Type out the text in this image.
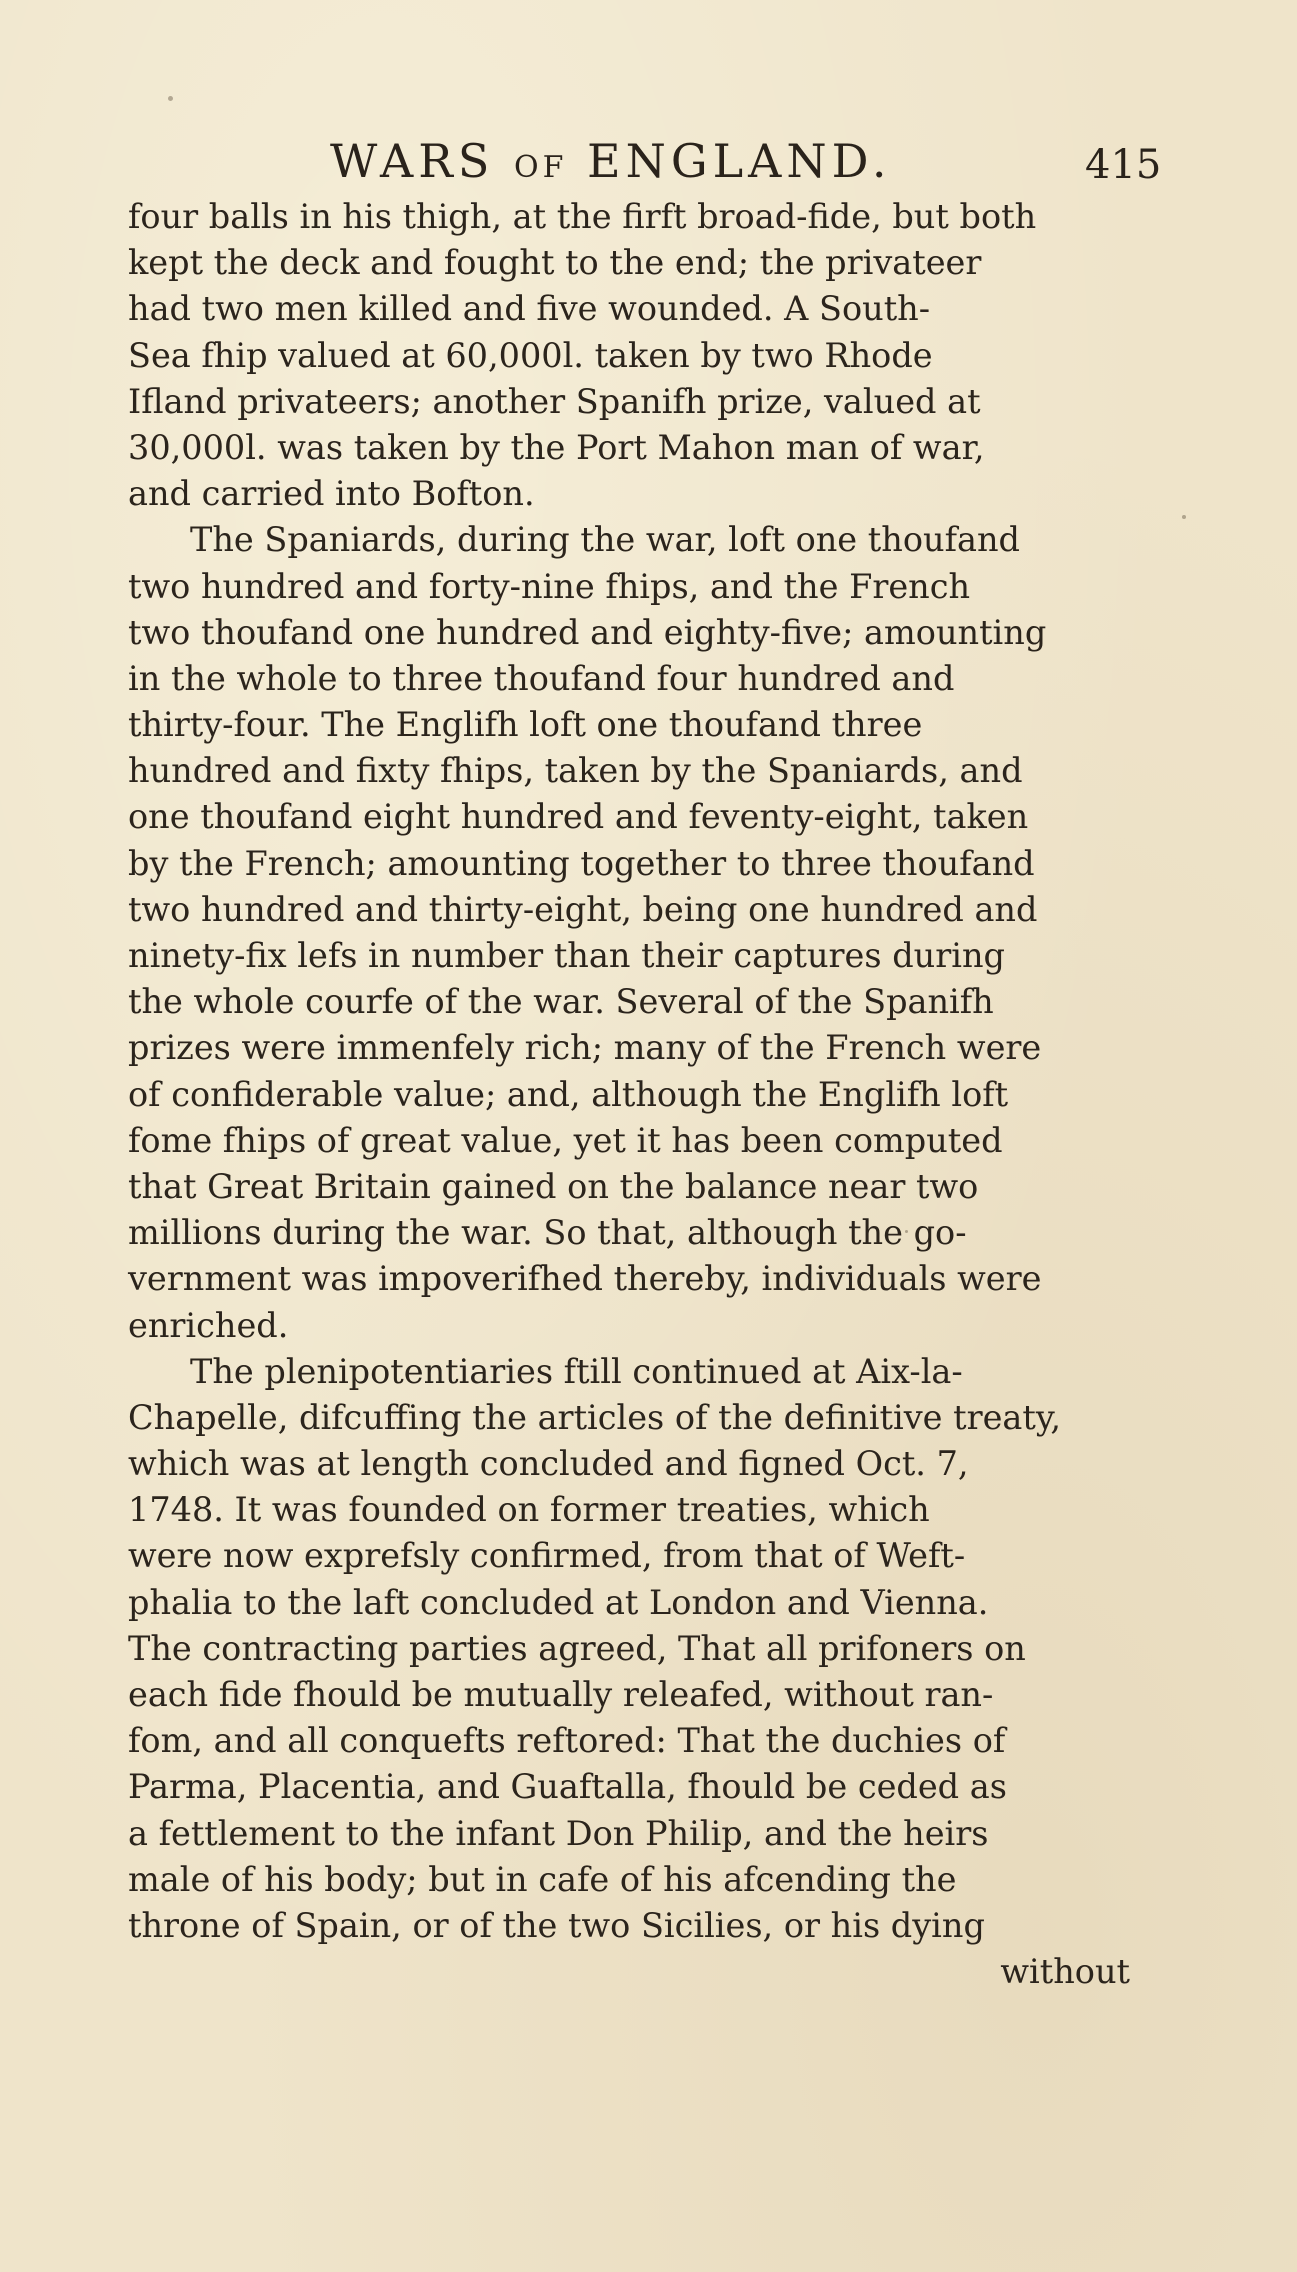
WARS OF ENGLAND.	415
four balls in his thigh, at the firft broad-fide, but both
kept the deck and fought to the end; the privateer
had two men killed and five wounded. A South-
Sea fhip valued at 60,000l. taken by two Rhode
Ifland privateers; another Spanifh prize, valued at
30,000l. was taken by the Port Mahon man of war,
and carried into Bofton.
The Spaniards, during the war, loft one thoufand
two hundred and forty-nine fhips, and the French
two thoufand one hundred and eighty-five; amounting
in the whole to three thoufand four hundred and
thirty-four. The Englifh loft one thoufand three
hundred and fixty fhips, taken by the Spaniards, and
one thoufand eight hundred and feventy-eight, taken
by the French; amounting together to three thoufand
two hundred and thirty-eight, being one hundred and
ninety-fix lefs in number than their captures during
the whole courfe of the war. Several of the Spanifh
prizes were immenfely rich; many of the French were
of confiderable value; and, although the Englifh loft
fome fhips of great value, yet it has been computed
that Great Britain gained on the balance near two
millions during the war. So that, although the go-
vernment was impoverifhed thereby, individuals were
enriched.
The plenipotentiaries ftill continued at Aix-la-
Chapelle, difcuffing the articles of the definitive treaty,
which was at length concluded and figned Oct. 7,
1748. It was founded on former treaties, which
were now exprefsly confirmed, from that of Weft-
phalia to the laft concluded at London and Vienna.
The contracting parties agreed, That all prifoners on
each fide fhould be mutually releafed, without ran-
fom, and all conquefts reftored: That the duchies of
Parma, Placentia, and Guaftalla, fhould be ceded as
a fettlement to the infant Don Philip, and the heirs
male of his body; but in cafe of his afcending the
throne of Spain, or of the two Sicilies, or his dying
without
